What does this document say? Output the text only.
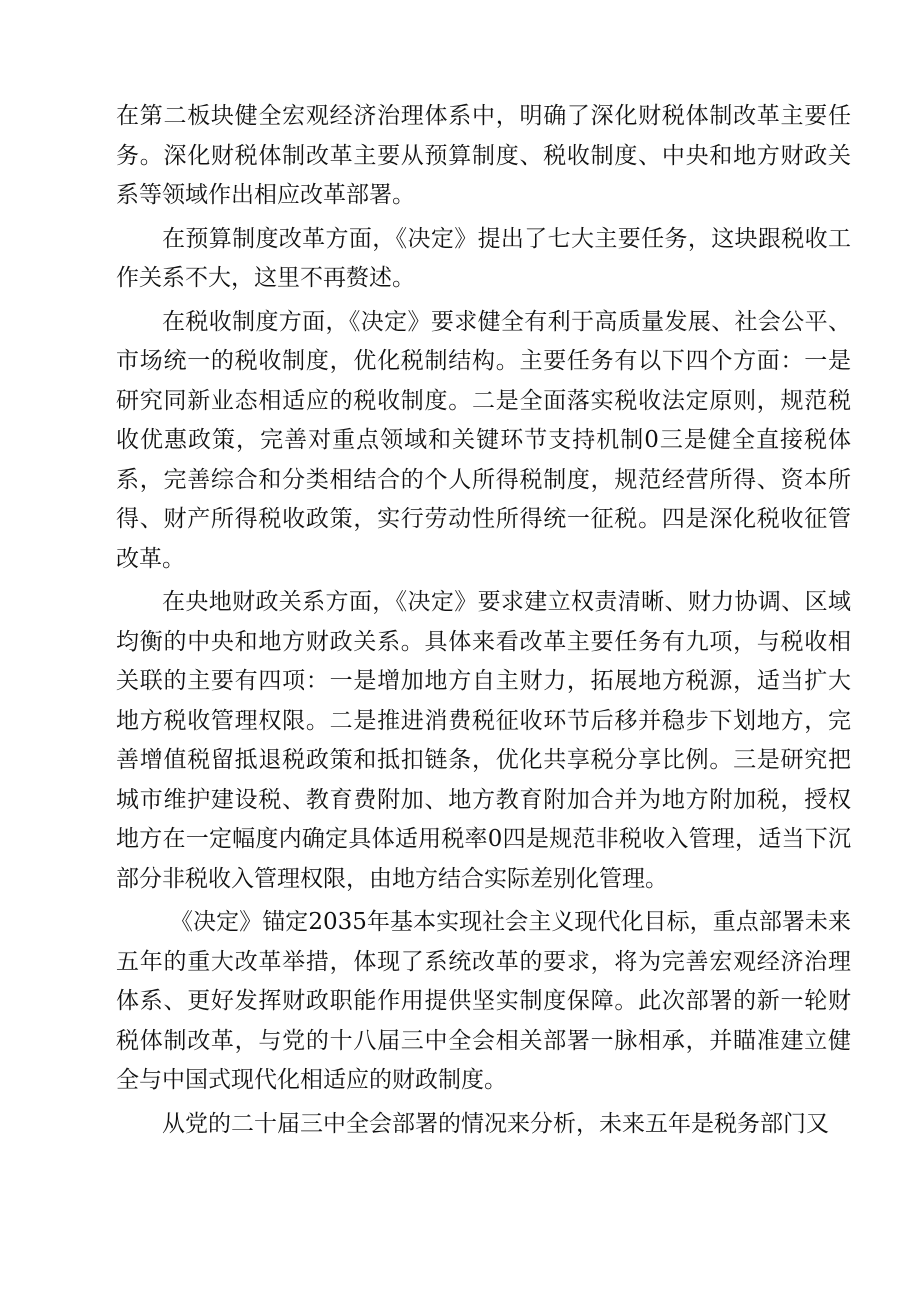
在第二板块健全宏观经济治理体系中，明确了深化财税体制改革主要任务。深化财税体制改革主要从预算制度、税收制度、中央和地方财政关系等领域作出相应改革部署。

在预算制度改革方面，《决定》提出了七大主要任务，这块跟税收工作关系不大，这里不再赘述。

在税收制度方面，《决定》要求健全有利于高质量发展、社会公平、市场统一的税收制度，优化税制结构。主要任务有以下四个方面：一是研究同新业态相适应的税收制度。二是全面落实税收法定原则，规范税收优惠政策，完善对重点领域和关键环节支持机制0三是健全直接税体系，完善综合和分类相结合的个人所得税制度，规范经营所得、资本所得、财产所得税收政策，实行劳动性所得统一征税。四是深化税收征管改革。

在央地财政关系方面，《决定》要求建立权责清晰、财力协调、区域均衡的中央和地方财政关系。具体来看改革主要任务有九项，与税收相关联的主要有四项：一是增加地方自主财力，拓展地方税源，适当扩大地方税收管理权限。二是推进消费税征收环节后移并稳步下划地方，完善增值税留抵退税政策和抵扣链条，优化共享税分享比例。三是研究把城市维护建设税、教育费附加、地方教育附加合并为地方附加税，授权地方在一定幅度内确定具体适用税率0四是规范非税收入管理，适当下沉部分非税收入管理权限，由地方结合实际差别化管理。

《决定》锚定2035年基本实现社会主义现代化目标，重点部署未来五年的重大改革举措，体现了系统改革的要求，将为完善宏观经济治理体系、更好发挥财政职能作用提供坚实制度保障。此次部署的新一轮财税体制改革，与党的十八届三中全会相关部署一脉相承，并瞄准建立健全与中国式现代化相适应的财政制度。

从党的二十届三中全会部署的情况来分析，未来五年是税务部门又
